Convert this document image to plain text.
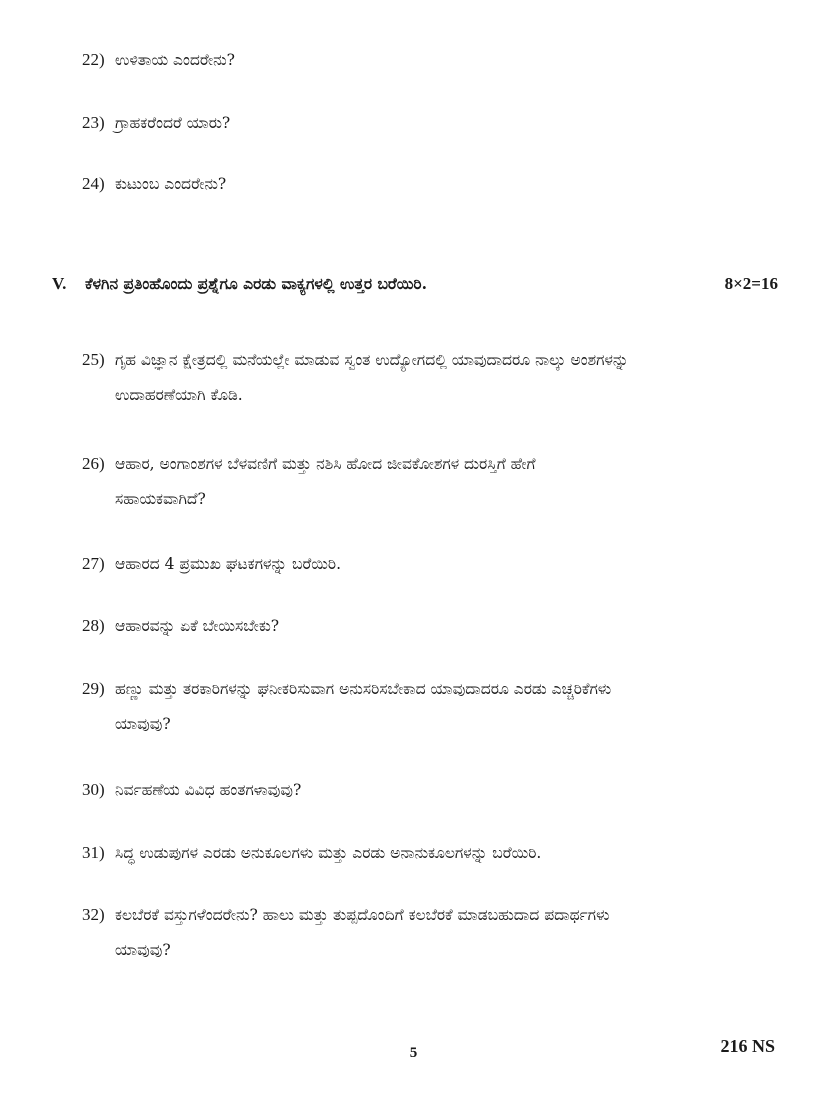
22) ಉಳಿತಾಯ ಎಂದರೇನು?
23) ಗ್ರಾಹಕರೆಂದರೆ ಯಾರು?
24) ಕುಟುಂಬ ಎಂದರೇನು?
V. ಕೆಳಗಿನ ಪ್ರತಿಂಹೊಂದು ಪ್ರಶ್ನೆಗೂ ಎರಡು ವಾಕ್ಯಗಳಲ್ಲಿ ಉತ್ತರ ಬರೆಯಿರಿ.	8×2=16
25) ಗೃಹ ವಿಜ್ಞಾನ ಕ್ಷೇತ್ರದಲ್ಲಿ ಮನೆಯಲ್ಲೇ ಮಾಡುವ ಸ್ವಂತ ಉದ್ಯೋಗದಲ್ಲಿ ಯಾವುದಾದರೂ ನಾಲ್ಕು ಅಂಶಗಳನ್ನು
ಉದಾಹರಣೆಯಾಗಿ ಕೊಡಿ.
26) ಆಹಾರ, ಅಂಗಾಂಶಗಳ ಬೆಳವಣಿಗೆ ಮತ್ತು ನಶಿಸಿ ಹೋದ ಜೀವಕೋಶಗಳ ದುರಸ್ತಿಗೆ ಹೇಗೆ
ಸಹಾಯಕವಾಗಿದೆ?
27) ಆಹಾರದ 4 ಪ್ರಮುಖ ಘಟಕಗಳನ್ನು ಬರೆಯಿರಿ.
28) ಆಹಾರವನ್ನು ಏಕೆ ಬೇಯಿಸಬೇಕು?
29) ಹಣ್ಣು ಮತ್ತು ತರಕಾರಿಗಳನ್ನು ಘನೀಕರಿಸುವಾಗ ಅನುಸರಿಸಬೇಕಾದ ಯಾವುದಾದರೂ ಎರಡು ಎಚ್ಚರಿಕೆಗಳು
ಯಾವುವು?
30) ನಿರ್ವಹಣೆಯ ವಿವಿಧ ಹಂತಗಳಾವುವು?
31) ಸಿದ್ಧ ಉಡುಪುಗಳ ಎರಡು ಅನುಕೂಲಗಳು ಮತ್ತು ಎರಡು ಅನಾನುಕೂಲಗಳನ್ನು ಬರೆಯಿರಿ.
32) ಕಲಬೆರಕೆ ವಸ್ತುಗಳೆಂದರೇನು? ಹಾಲು ಮತ್ತು ತುಪ್ಪದೊಂದಿಗೆ ಕಲಬೆರಕೆ ಮಾಡಬಹುದಾದ ಪದಾರ್ಥಗಳು
ಯಾವುವು?
5	216 NS
